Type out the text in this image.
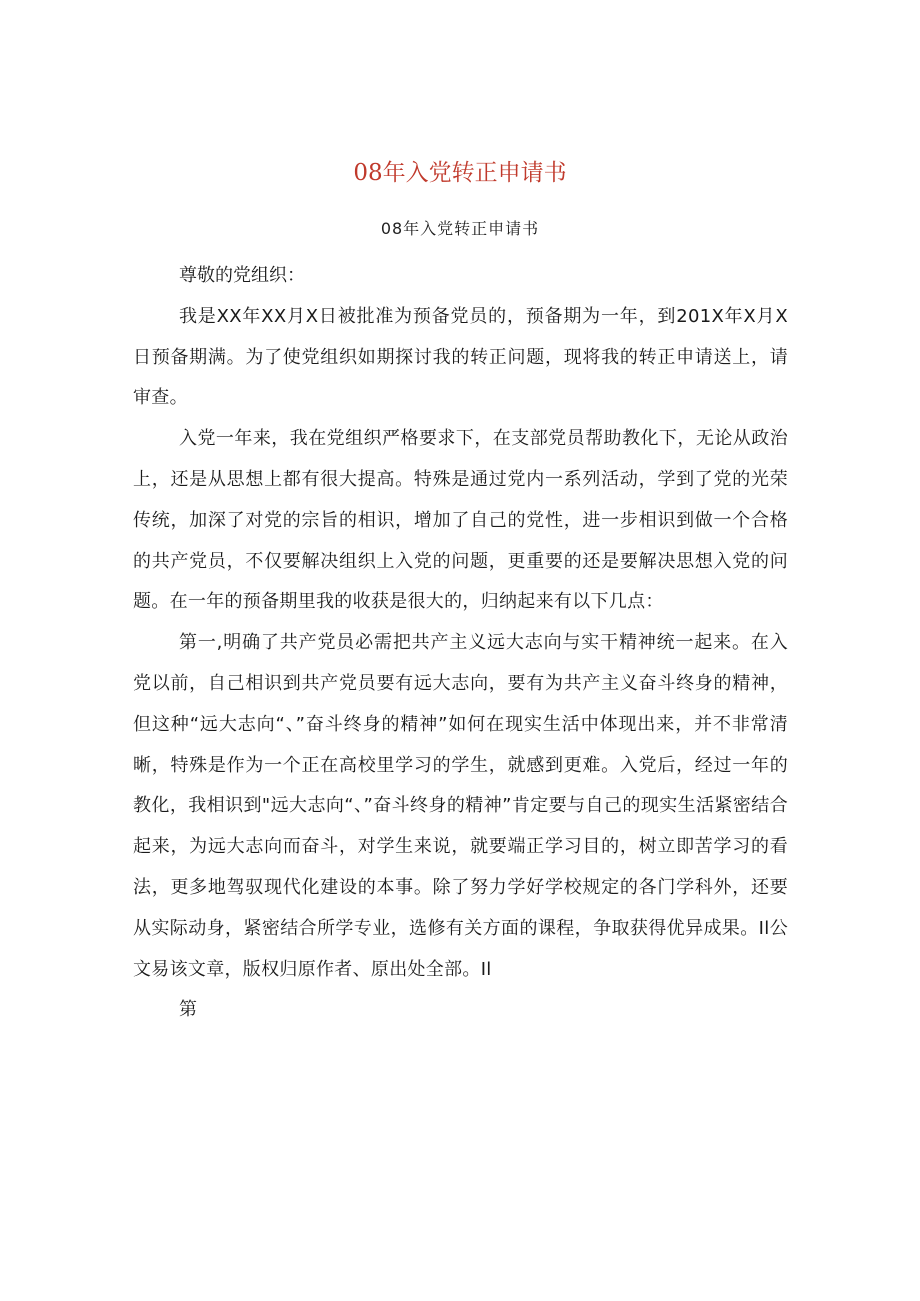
08年入党转正申请书
08年入党转正申请书

尊敬的党组织：

我是XX年XX月X日被批准为预备党员的，预备期为一年，到201X年X月X日预备期满。为了使党组织如期探讨我的转正问题，现将我的转正申请送上，请审查。

入党一年来，我在党组织严格要求下，在支部党员帮助教化下，无论从政治上，还是从思想上都有很大提高。特殊是通过党内一系列活动，学到了党的光荣传统，加深了对党的宗旨的相识，增加了自己的党性，进一步相识到做一个合格的共产党员，不仅要解决组织上入党的问题，更重要的还是要解决思想入党的问题。在一年的预备期里我的收获是很大的，归纳起来有以下几点：

第一,明确了共产党员必需把共产主义远大志向与实干精神统一起来。在入党以前，自己相识到共产党员要有远大志向，要有为共产主义奋斗终身的精神，但这种“远大志向“、”奋斗终身的精神”如何在现实生活中体现出来，并不非常清晰，特殊是作为一个正在高校里学习的学生，就感到更难。入党后，经过一年的教化，我相识到"远大志向“、”奋斗终身的精神”肯定要与自己的现实生活紧密结合起来，为远大志向而奋斗，对学生来说，就要端正学习目的，树立即苦学习的看法，更多地驾驭现代化建设的本事。除了努力学好学校规定的各门学科外，还要从实际动身，紧密结合所学专业，选修有关方面的课程，争取获得优异成果。Il公文易该文章，版权归原作者、原出处全部。Il

第
